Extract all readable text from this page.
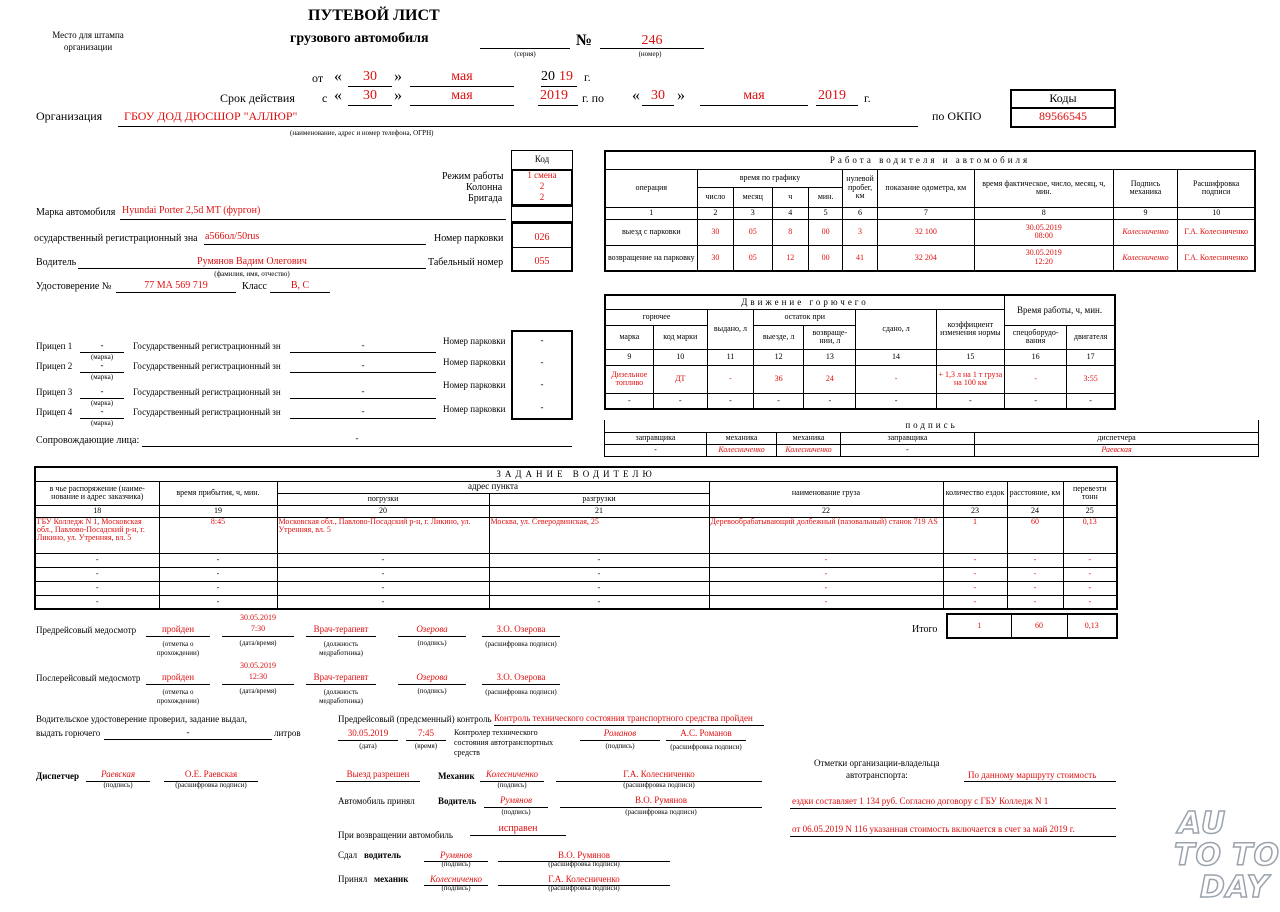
Место для штампа организации
ПУТЕВОЙ ЛИСТ
грузового автомобиля
(серия)
№	246
(номер)
от «	30	»	мая	20 19 г.
Срок действия с «	30	»	мая	2019 г. по « 30 »	мая	2019 г.
Организация ГБОУ ДОД ДЮСШОР "АЛЛЮР"
(наименование, адрес и номер телефона, ОГРН)
по ОКПО
Коды
89566545
Код
Режим работы	1 смена
Колонна	2
Бригада	2
Марка автомобиля Hyundai Porter 2,5d MT (фургон)
осударственный регистрационный зна а566ол/50rus	Номер парковки	026
Водитель	Румянов Вадим Олегович
(фамилия, имя, отчество)
Табельный номер	055
Удостоверение №	77 МА 569 719	Класс	В, С
Прицеп 1	-
(марка)
Государственный регистрационный зн	-	Номер парковки	-
Прицеп 2	-
(марка)
Государственный регистрационный зн	-	Номер парковки	-
Прицеп 3	-
(марка)
Государственный регистрационный зн	-
Номер парковки	-
Прицеп 4	-
(марка)
Государственный регистрационный зн	-	Номер парковки	-
Сопровождающие лица:	-
Работа водителя и автомобиля									
операция	время по графику				нулевой пробег, км	показание одометра, км	время фактическое, число, месяц, ч, мин.	Подпись механика	Расшифровка подписи
	число	месяц	ч	мин.					
1	2	3	4	5	6	7	8	9	10
выезд с парковки	30	05	8	00	3	32 100	30.05.2019
08:00	Колесниченко	Г.А. Колесниченко
возвращение на парковку	30	05	12	00	41	32 204	30.05.2019
12:20	Колесниченко	Г.А. Колесниченко
Движение горючего							Время работы, ч, мин.	
горючее		выдано, л	остаток при		сдано, л	коэффициент изменения нормы		
марка	код марки		выезде, л	возвраще-нии, л			спецоборудо-вания	двигателя
9	10	11	12	13	14	15	16	17
Дизельное топливо	ДТ	-	36	24	-	+ 1,3 л на 1 т груза на 100 км	-	3:55
-	-	-	-	-	-	-	-	-
подпись				
заправщика	механика	механика	заправщика	диспетчера
-	Колесниченко	Колесниченко	-	Раевская
ЗАДАНИЕ ВОДИТЕЛЮ							
в чье распоряжение (наиме-нование и адрес заказчика)	время прибытия, ч, мин.	адрес пункта		наименование груза	количество ездок	расстояние, км	перевезти тонн
		погрузки	разгрузки				
18	19	20	21	22	23	24	25
ГБУ Колледж N 1, Московская обл., Павлово-Посадский р-н, г. Ликино, ул. Утренняя, вл. 5	8:45	Московская обл., Павлово-Посадский р-н, г. Ликино, ул. Утренняя, вл. 5	Москва, ул. Северодвинская, 25	Деревообрабатывающий долбежный (пазовальный) станок 719 AS	1	60	0,13
-	-	-	-	-	-	-	-
-	-	-	-	-	-	-	-
-	-	-	-	-	-	-	-
-	-	-	-	-	-	-	-
Итого	1	60	0,13
Предрейсовый медосмотр	пройден
(отметка о прохождении)
30.05.2019
7:30
(дата/время)
Врач-терапевт
(должность медработника)
Озерова
(подпись)
З.О. Озерова
(расшифровка подписи)
Послерейсовый медосмотр	пройден
(отметка о прохождении)
30.05.2019
12:30
(дата/время)
Врач-терапевт
(должность медработника)
Озерова
(подпись)
З.О. Озерова
(расшифровка подписи)
Водительское удостоверение проверил, задание выдал,
выдать горючего	-	литров
Предрейсовый (предсменный) контроль Контроль технического состояния транспортного средства пройден
30.05.2019
(дата)
7:45
(время)
Контролер технического состояния автотранспортных средств
Романов
(подпись)
А.С. Романов
(расшифровка подписи)
Диспетчер	Раевская
(подпись)
О.Е. Раевская
(расшифровка подписи)
Выезд разрешен	Механик	Колесниченко
(подпись)
Г.А. Колесниченко
(расшифровка подписи)
Автомобиль принял	Водитель	Румянов
(подпись)
В.О. Румянов
(расшифровка подписи)
При возвращении автомобиль
исправен
Сдал водитель	Румянов
(подпись)
В.О. Румянов
(расшифровка подписи)
Принял механик	Колесниченко
(подпись)
Г.А. Колесниченко
(расшифровка подписи)
Отметки организации-владельца
автотранспорта:	По данному маршруту стоимость
ездки составляет 1 134 руб. Согласно договору с ГБУ Колледж N 1
от 06.05.2019 N 116 указанная стоимость включается в счет за май 2019 г.	AU
TO TO
DAY
